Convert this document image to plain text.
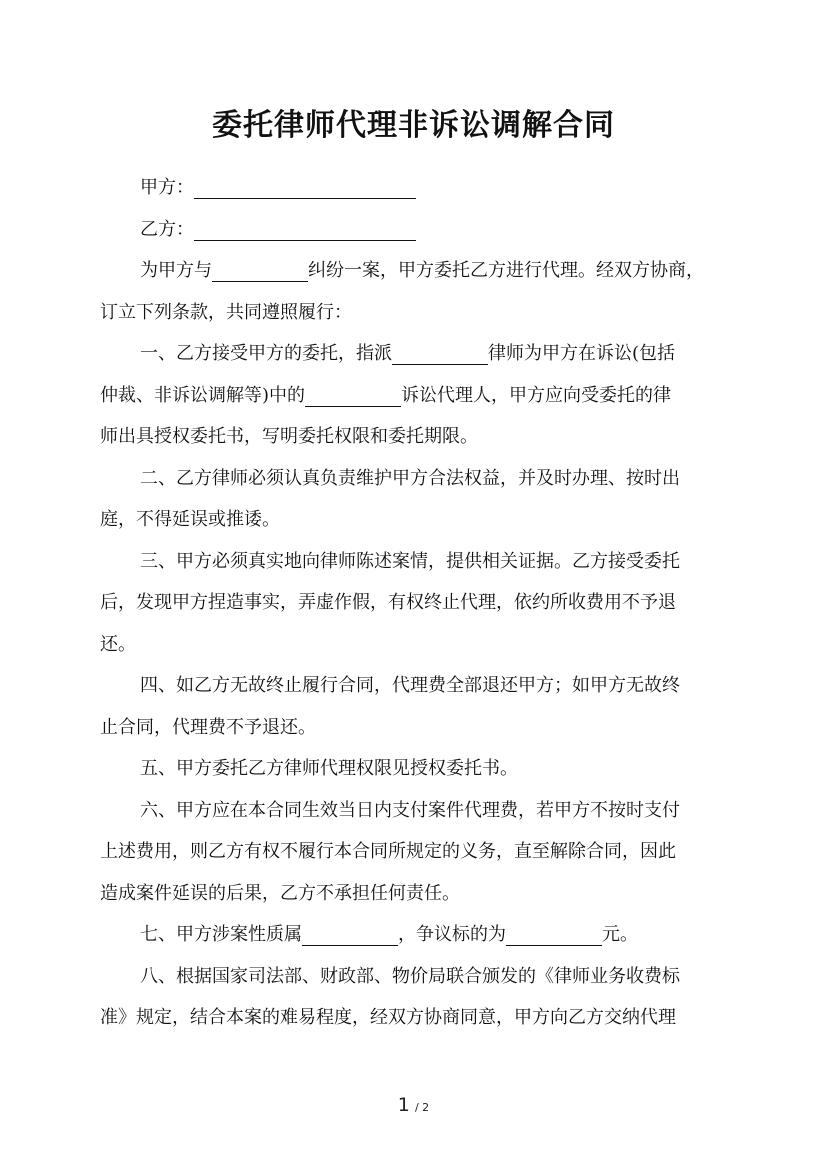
委托律师代理非诉讼调解合同

甲方：

乙方：

为甲方与	纠纷一案，甲方委托乙方进行代理。经双方协商，

订立下列条款，共同遵照履行：

一、乙方接受甲方的委托，指派	律师为甲方在诉讼(包括

仲裁、非诉讼调解等)中的	诉讼代理人，甲方应向受委托的律

师出具授权委托书，写明委托权限和委托期限。

二、乙方律师必须认真负责维护甲方合法权益，并及时办理、按时出

庭，不得延误或推诿。

三、甲方必须真实地向律师陈述案情，提供相关证据。乙方接受委托

后，发现甲方捏造事实，弄虚作假，有权终止代理，依约所收费用不予退

还。

四、如乙方无故终止履行合同，代理费全部退还甲方；如甲方无故终

止合同，代理费不予退还。

五、甲方委托乙方律师代理权限见授权委托书。

六、甲方应在本合同生效当日内支付案件代理费，若甲方不按时支付

上述费用，则乙方有权不履行本合同所规定的义务，直至解除合同，因此

造成案件延误的后果，乙方不承担任何责任。

七、甲方涉案性质属	，争议标的为	元。

八、根据国家司法部、财政部、物价局联合颁发的《律师业务收费标

准》规定，结合本案的难易程度，经双方协商同意，甲方向乙方交纳代理

1 / 2
